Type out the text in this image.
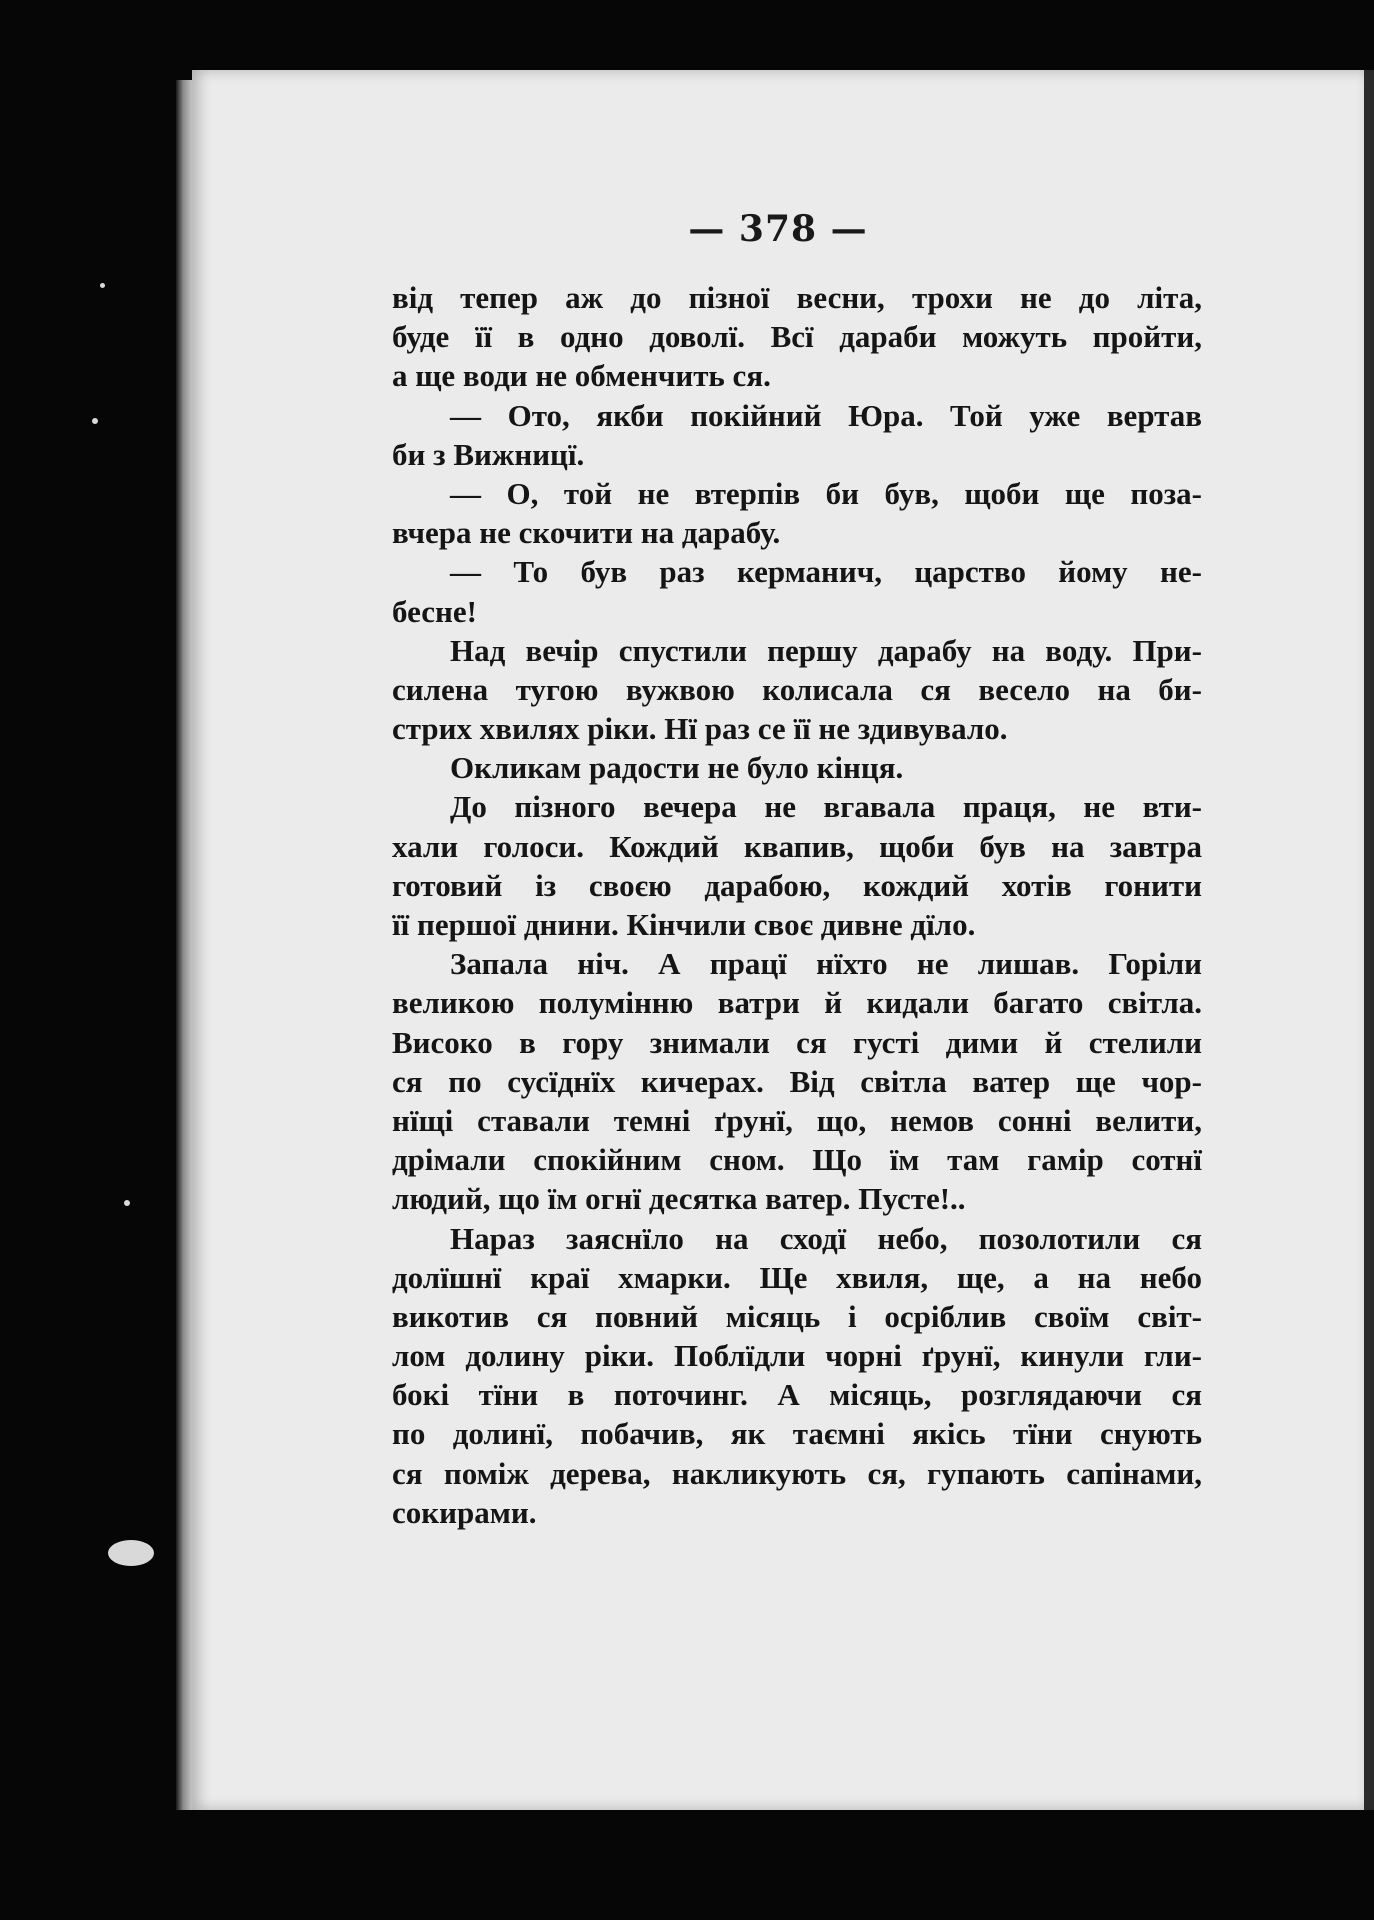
— 378 —
від тепер аж до пізної весни, трохи не до літа,
буде її в одно доволї. Всї дараби можуть пройти,
а ще води не обменчить ся.
— Ото, якби покійний Юра. Той уже вертав
би з Вижницї.
— О, той не втерпів би був, щоби ще поза-
вчера не скочити на дарабу.
— То був раз керманич, царство йому не-
бесне!
Над вечір спустили першу дарабу на воду. При-
силена тугою вужвою колисала ся весело на би-
стрих хвилях ріки. Нї раз се її не здивувало.
Окликам радости не було кінця.
До пізного вечера не вгавала праця, не вти-
хали голоси. Кождий квапив, щоби був на завтра
готовий із своєю дарабою, кождий хотів гонити
її першої днини. Кінчили своє дивне дїло.
Запала ніч. А працї нїхто не лишав. Горіли
великою полумінню ватри й кидали багато світла.
Високо в гору знимали ся густі дими й стелили
ся по сусїднїх кичерах. Від світла ватер ще чор-
нїщі ставали темні ґрунї, що, немов сонні велити,
дрімали спокійним сном. Що їм там гамір сотнї
людий, що їм огнї десятка ватер. Пусте!..
Нараз заяснїло на сходї небо, позолотили ся
долїшнї краї хмарки. Ще хвиля, ще, а на небо
викотив ся повний місяць і осріблив своїм світ-
лом долину ріки. Поблїдли чорні ґрунї, кинули гли-
бокі тїни в поточинг. А місяць, розглядаючи ся
по долинї, побачив, як таємні якісь тїни снують
ся поміж дерева, накликують ся, гупають сапінами,
сокирами.
